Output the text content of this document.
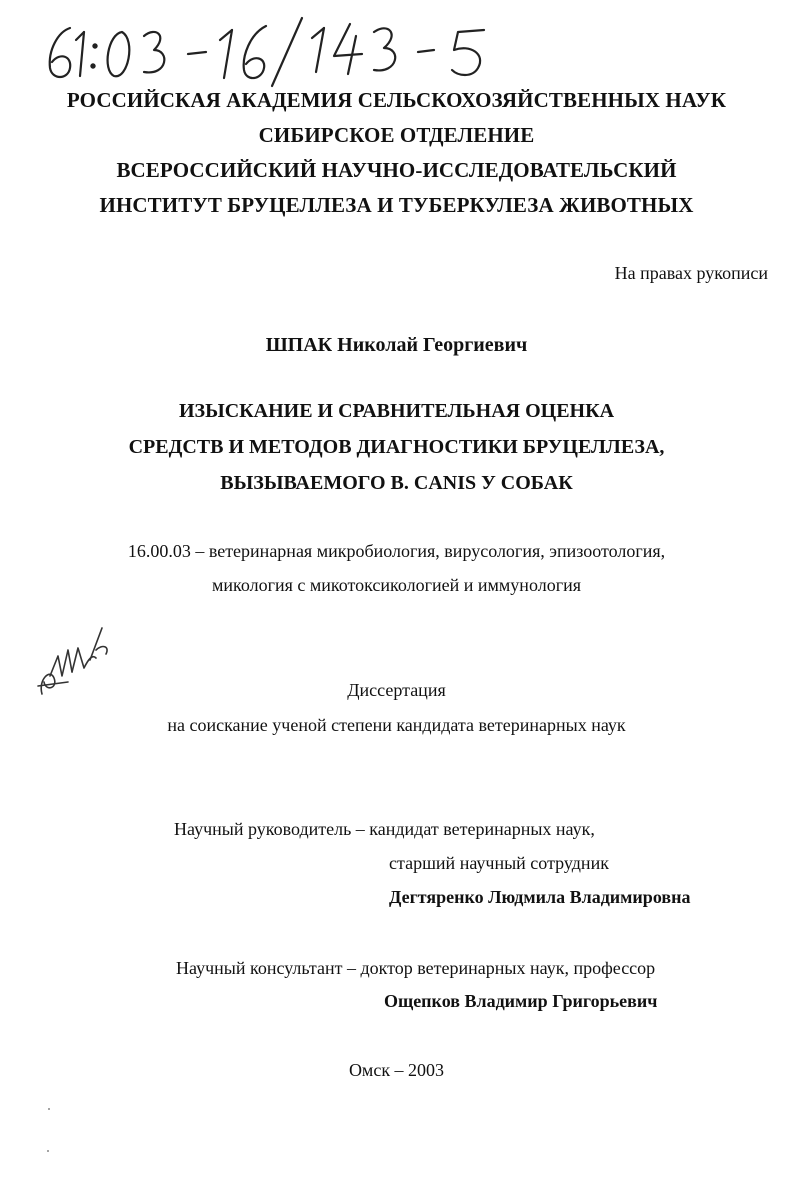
РОССИЙСКАЯ АКАДЕМИЯ СЕЛЬСКОХОЗЯЙСТВЕННЫХ НАУК
СИБИРСКОЕ ОТДЕЛЕНИЕ
ВСЕРОССИЙСКИЙ НАУЧНО-ИССЛЕДОВАТЕЛЬСКИЙ
ИНСТИТУТ БРУЦЕЛЛЕЗА И ТУБЕРКУЛЕЗА ЖИВОТНЫХ
На правах рукописи
ШПАК Николай Георгиевич
ИЗЫСКАНИЕ И СРАВНИТЕЛЬНАЯ ОЦЕНКА
СРЕДСТВ И МЕТОДОВ ДИАГНОСТИКИ БРУЦЕЛЛЕЗА,
ВЫЗЫВАЕМОГО B. CANIS У СОБАК
16.00.03 – ветеринарная микробиология, вирусология, эпизоотология,
микология с микотоксикологией и иммунология
Диссертация
на соискание ученой степени кандидата ветеринарных наук
Научный руководитель – кандидат ветеринарных наук,
старший научный сотрудник
Дегтяренко Людмила Владимировна
Научный консультант – доктор ветеринарных наук, профессор
Ощепков Владимир Григорьевич
Омск – 2003
